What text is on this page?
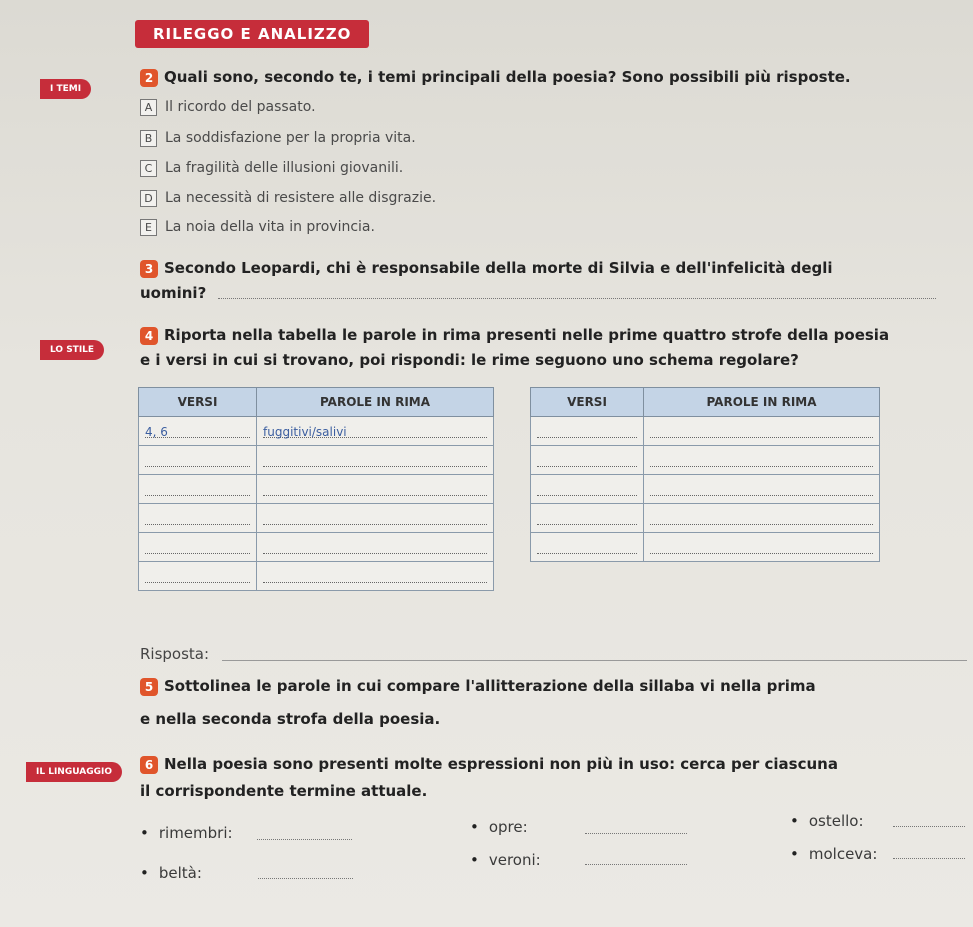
RILEGGO E ANALIZZO
I TEMI
2 Quali sono, secondo te, i temi principali della poesia? Sono possibili più risposte.
A Il ricordo del passato.
B La soddisfazione per la propria vita.
C La fragilità delle illusioni giovanili.
D La necessità di resistere alle disgrazie.
E La noia della vita in provincia.
3 Secondo Leopardi, chi è responsabile della morte di Silvia e dell'infelicità degli
uomini?
LO STILE
4 Riporta nella tabella le parole in rima presenti nelle prime quattro strofe della poesia
e i versi in cui si trovano, poi rispondi: le rime seguono uno schema regolare?
VERSI	PAROLE IN RIMA

4, 6	fuggitivi/salivi

VERSI	PAROLE IN RIMA

Risposta:
5 Sottolinea le parole in cui compare l'allitterazione della sillaba vi nella prima
e nella seconda strofa della poesia.
IL LINGUAGGIO
6 Nella poesia sono presenti molte espressioni non più in uso: cerca per ciascuna
il corrispondente termine attuale.
• rimembri:	• opre:	• ostello:
• beltà:
• veroni:	• molceva:
